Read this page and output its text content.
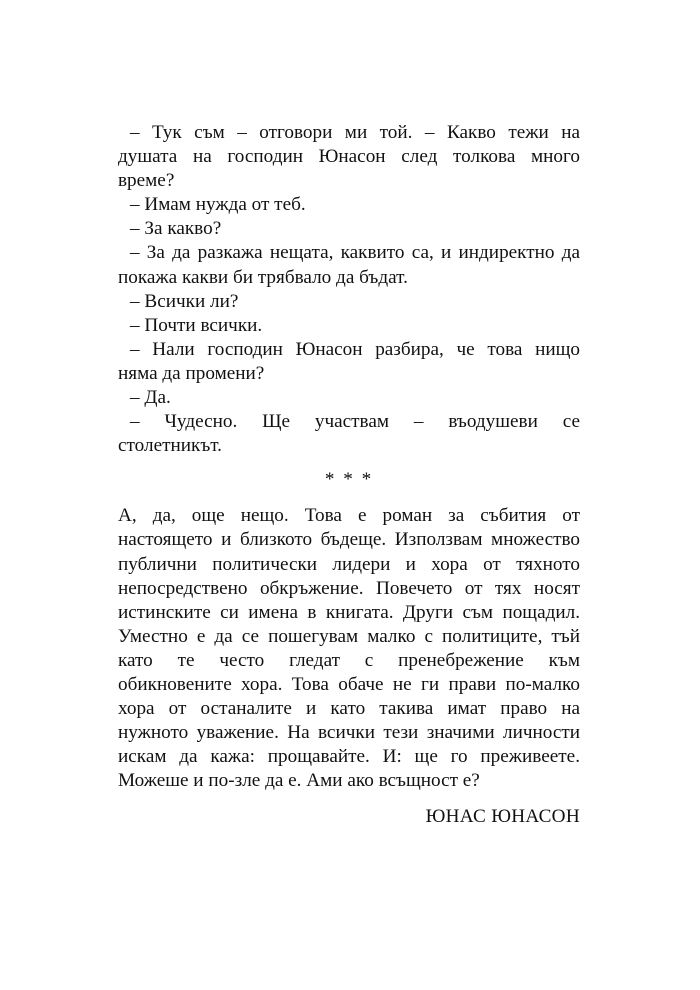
– Тук съм – отговори ми той. – Какво тежи на
душата на господин Юнасон след толкова много
време?
– Имам нужда от теб.
– За какво?
– За да разкажа нещата, каквито са, и индиректно да
покажа какви би трябвало да бъдат.
– Всички ли?
– Почти всички.
– Нали господин Юнасон разбира, че това нищо
няма да промени?
– Да.
– Чудесно. Ще участвам – въодушеви се
столетникът.
* * *
А, да, още нещо. Това е роман за събития от
настоящето и близкото бъдеще. Използвам множество
публични политически лидери и хора от тяхното
непосредствено обкръжение. Повечето от тях носят
истинските си имена в книгата. Други съм пощадил.
Уместно е да се пошегувам малко с политиците, тъй
като те често гледат с пренебрежение към
обикновените хора. Това обаче не ги прави по-малко
хора от останалите и като такива имат право на
нужното уважение. На всички тези значими личности
искам да кажа: прощавайте. И: ще го преживеете.
Можеше и по-зле да е. Ами ако всъщност е?
ЮНАС ЮНАСОН
